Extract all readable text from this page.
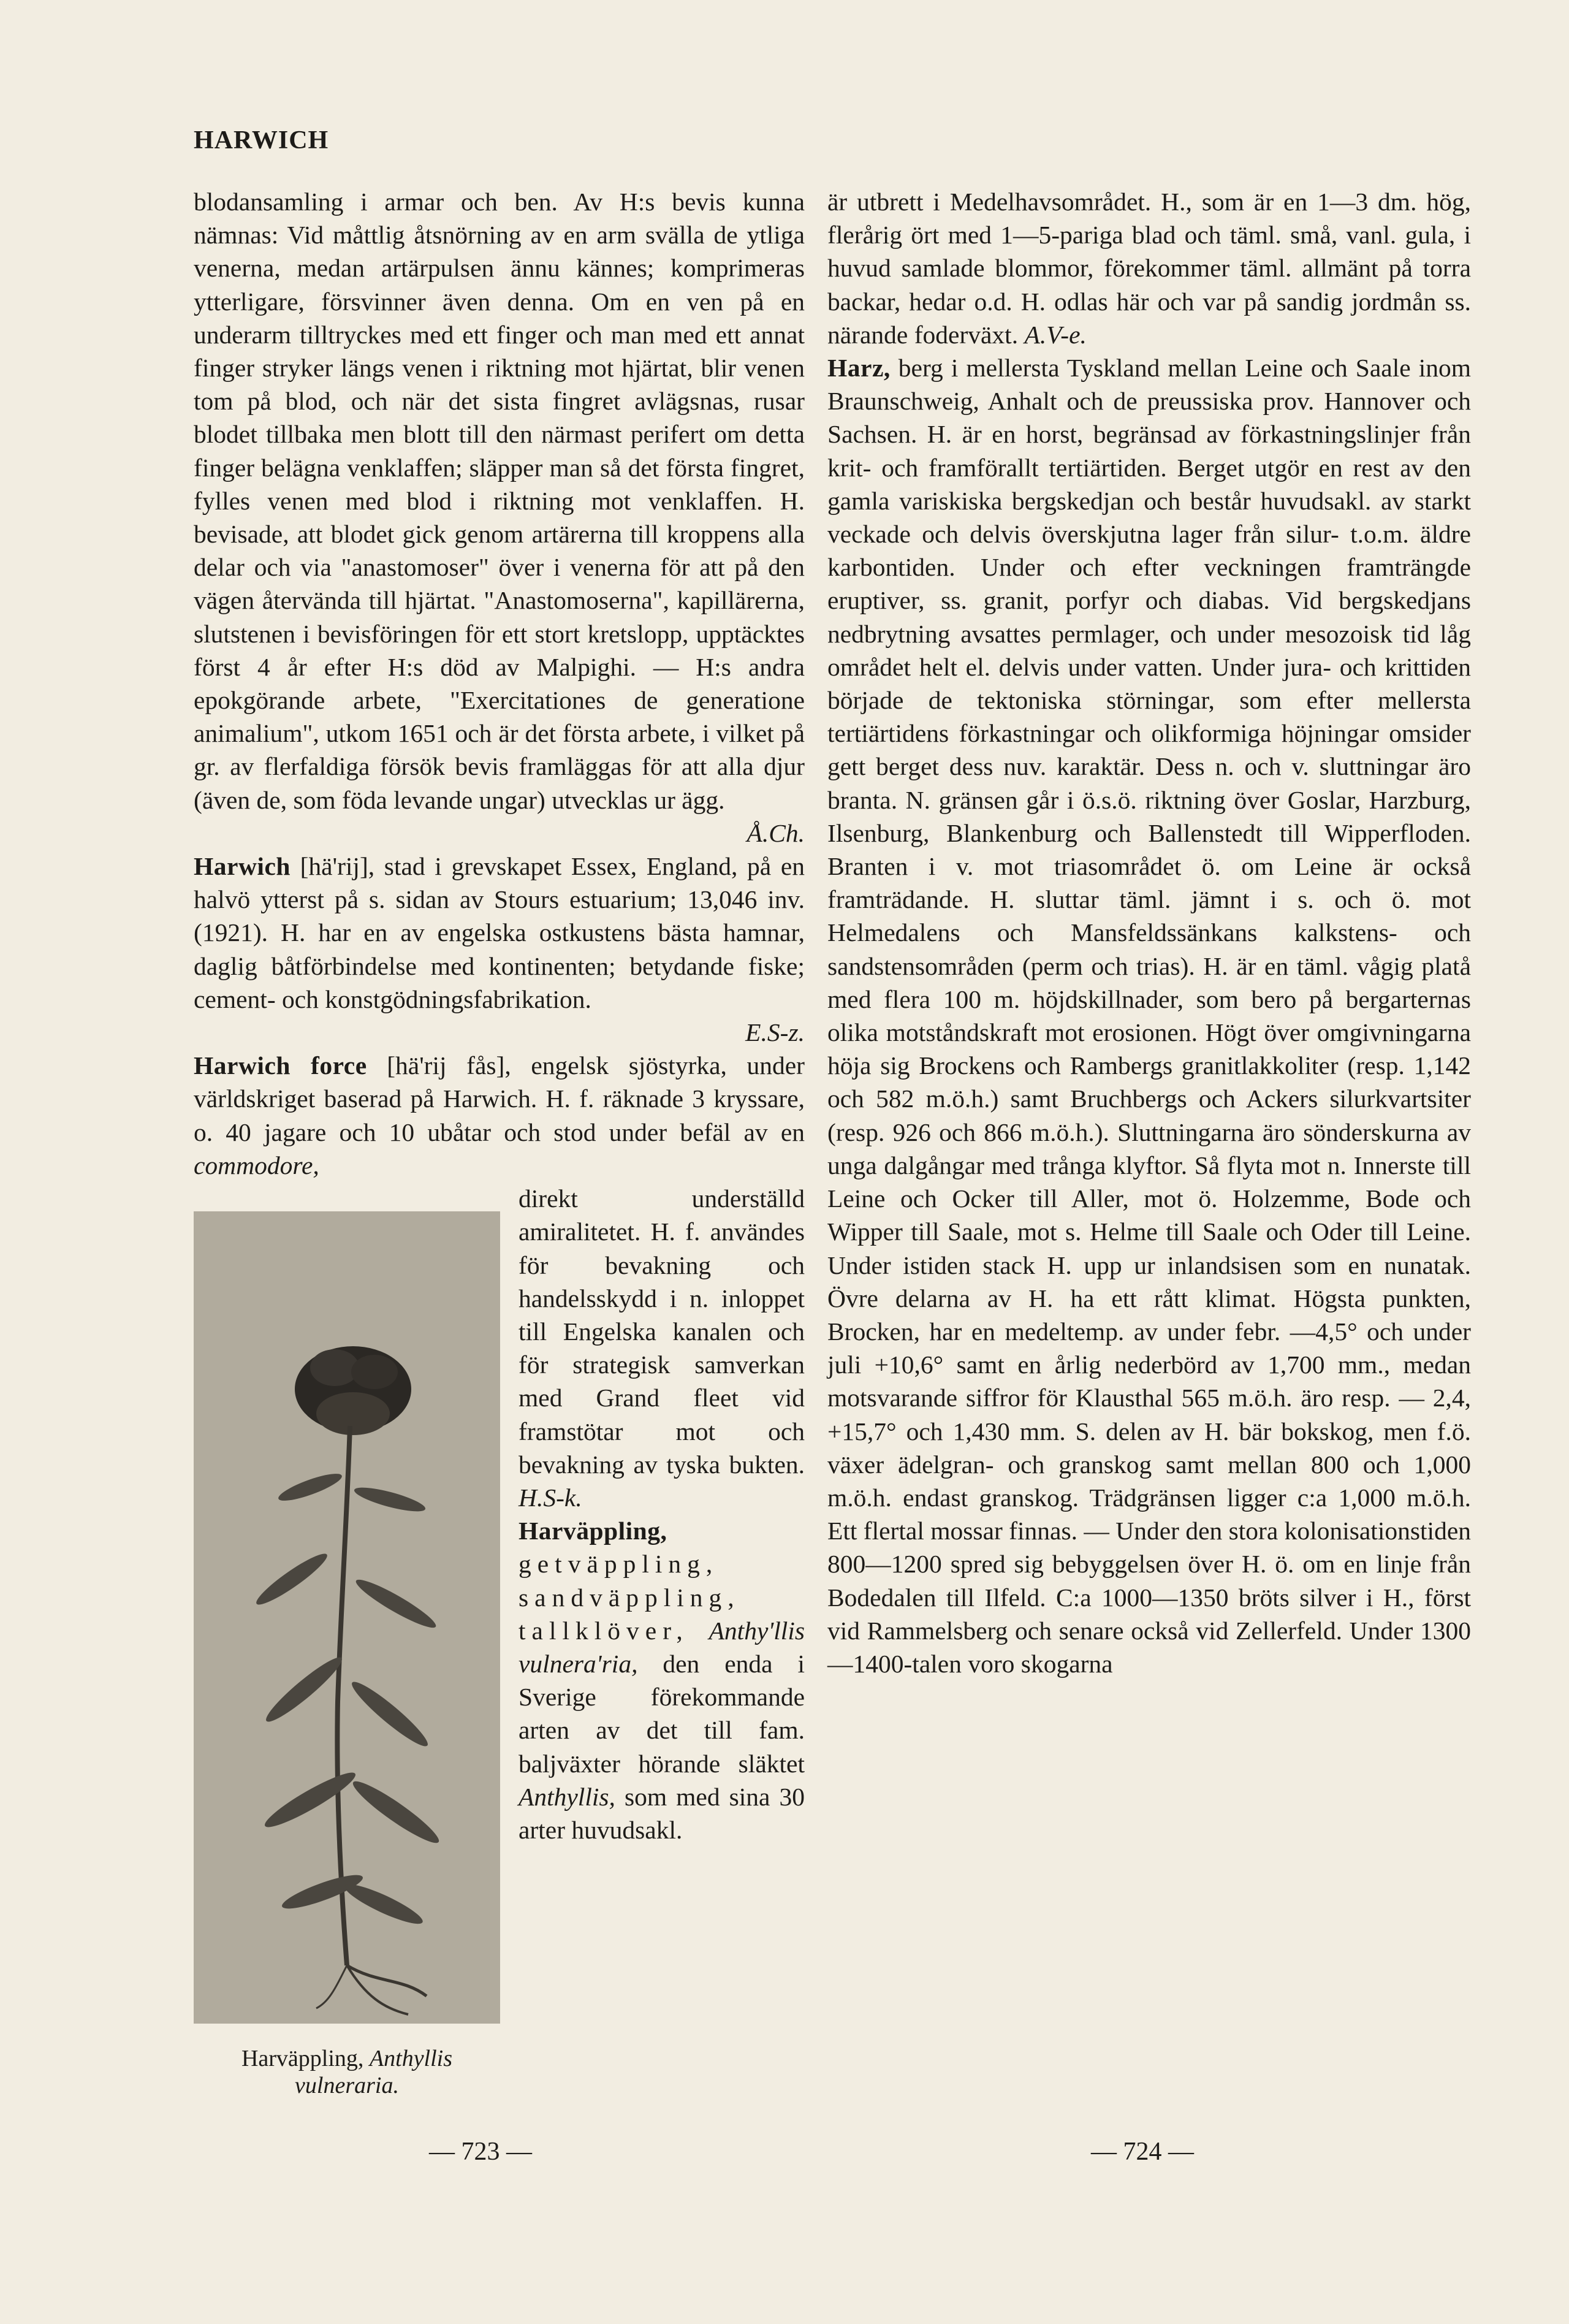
HARWICH

blodansamling i armar och ben. Av H:s bevis kunna nämnas: Vid måttlig åtsnörning av en arm svälla de ytliga venerna, medan artärpulsen ännu kännes; komprimeras ytterligare, försvinner även denna. Om en ven på en underarm tilltryckes med ett finger och man med ett annat finger stryker längs venen i riktning mot hjärtat, blir venen tom på blod, och när det sista fingret avlägsnas, rusar blodet tillbaka men blott till den närmast perifert om detta finger belägna venklaffen; släpper man så det första fingret, fylles venen med blod i riktning mot venklaffen. H. bevisade, att blodet gick genom artärerna till kroppens alla delar och via "anastomoser" över i venerna för att på den vägen återvända till hjärtat. "Anastomoserna", kapillärerna, slutstenen i bevisföringen för ett stort kretslopp, upptäcktes först 4 år efter H:s död av Malpighi. — H:s andra epokgörande arbete, "Exercitationes de generatione animalium", utkom 1651 och är det första arbete, i vilket på gr. av flerfaldiga försök bevis framläggas för att alla djur (även de, som föda levande ungar) utvecklas ur ägg.
Å.Ch.

Harwich [hä'rij], stad i grevskapet Essex, England, på en halvö ytterst på s. sidan av Stours estuarium; 13,046 inv. (1921). H. har en av engelska ostkustens bästa hamnar, daglig båtförbindelse med kontinenten; betydande fiske; cement- och konstgödningsfabrikation.
E.S-z.

Harwich force [hä'rij fås], engelsk sjöstyrka, under världskriget baserad på Harwich. H. f. räknade 3 kryssare, o. 40 jagare och 10 ubåtar och stod under befäl av en commodore,

Harväppling, Anthyllis vulneraria.

direkt underställd amiralitetet. H. f. användes för bevakning och handelsskydd i n. inloppet till Engelska kanalen och för strategisk samverkan med Grand fleet vid framstötar mot och bevakning av tyska bukten. H.S-k.

Harväppling, getväppling, sandväppling, tallklöver, Anthy'llis vulnera'ria, den enda i Sverige förekommande arten av det till fam. baljväxter hörande släktet Anthyllis, som med sina 30 arter huvudsakl.

är utbrett i Medelhavsområdet. H., som är en 1—3 dm. hög, flerårig ört med 1—5-pariga blad och täml. små, vanl. gula, i huvud samlade blommor, förekommer täml. allmänt på torra backar, hedar o.d. H. odlas här och var på sandig jordmån ss. närande foderväxt. A.V-e.

Harz, berg i mellersta Tyskland mellan Leine och Saale inom Braunschweig, Anhalt och de preussiska prov. Hannover och Sachsen. H. är en horst, begränsad av förkastningslinjer från krit- och framförallt tertiärtiden. Berget utgör en rest av den gamla variskiska bergskedjan och består huvudsakl. av starkt veckade och delvis överskjutna lager från silur- t.o.m. äldre karbontiden. Under och efter veckningen framträngde eruptiver, ss. granit, porfyr och diabas. Vid bergskedjans nedbrytning avsattes permlager, och under mesozoisk tid låg området helt el. delvis under vatten. Under jura- och krittiden började de tektoniska störningar, som efter mellersta tertiärtidens förkastningar och olikformiga höjningar omsider gett berget dess nuv. karaktär. Dess n. och v. sluttningar äro branta. N. gränsen går i ö.s.ö. riktning över Goslar, Harzburg, Ilsenburg, Blankenburg och Ballenstedt till Wipperfloden. Branten i v. mot triasområdet ö. om Leine är också framträdande. H. sluttar täml. jämnt i s. och ö. mot Helmedalens och Mansfeldssänkans kalkstens- och sandstensområden (perm och trias). H. är en täml. vågig platå med flera 100 m. höjdskillnader, som bero på bergarternas olika motståndskraft mot erosionen. Högt över omgivningarna höja sig Brockens och Rambergs granitlakkoliter (resp. 1,142 och 582 m.ö.h.) samt Bruchbergs och Ackers silurkvartsiter (resp. 926 och 866 m.ö.h.). Sluttningarna äro sönderskurna av unga dalgångar med trånga klyftor. Så flyta mot n. Innerste till Leine och Ocker till Aller, mot ö. Holzemme, Bode och Wipper till Saale, mot s. Helme till Saale och Oder till Leine. Under istiden stack H. upp ur inlandsisen som en nunatak. Övre delarna av H. ha ett rått klimat. Högsta punkten, Brocken, har en medeltemp. av under febr. —4,5° och under juli +10,6° samt en årlig nederbörd av 1,700 mm., medan motsvarande siffror för Klausthal 565 m.ö.h. äro resp. — 2,4, +15,7° och 1,430 mm. S. delen av H. bär bokskog, men f.ö. växer ädelgran- och granskog samt mellan 800 och 1,000 m.ö.h. endast granskog. Trädgränsen ligger c:a 1,000 m.ö.h. Ett flertal mossar finnas. — Under den stora kolonisationstiden 800—1200 spred sig bebyggelsen över H. ö. om en linje från Bodedalen till Ilfeld. C:a 1000—1350 bröts silver i H., först vid Rammelsberg och senare också vid Zellerfeld. Under 1300—1400-talen voro skogarna

— 723 —	— 724 —
